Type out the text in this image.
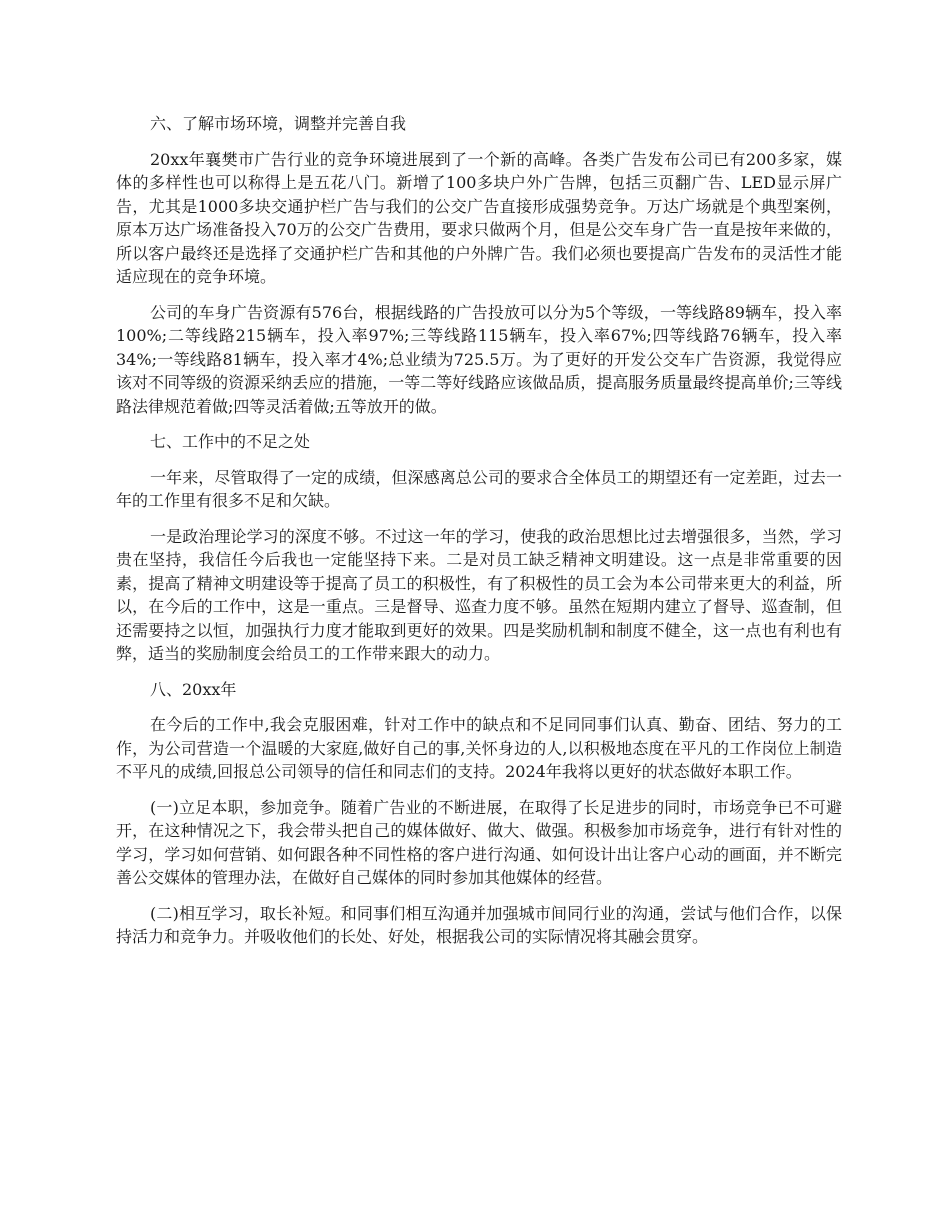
六、了解市场环境，调整并完善自我
20xx年襄樊市广告行业的竞争环境进展到了一个新的高峰。各类广告发布公司已有200多家，媒体的多样性也可以称得上是五花八门。新增了100多块户外广告牌，包括三页翻广告、LED显示屏广告，尤其是1000多块交通护栏广告与我们的公交广告直接形成强势竞争。万达广场就是个典型案例，原本万达广场准备投入70万的公交广告费用，要求只做两个月，但是公交车身广告一直是按年来做的，所以客户最终还是选择了交通护栏广告和其他的户外牌广告。我们必须也要提高广告发布的灵活性才能适应现在的竞争环境。
公司的车身广告资源有576台，根据线路的广告投放可以分为5个等级，一等线路89辆车，投入率100%;二等线路215辆车，投入率97%;三等线路115辆车，投入率67%;四等线路76辆车，投入率34%;一等线路81辆车，投入率才4%;总业绩为725.5万。为了更好的开发公交车广告资源，我觉得应该对不同等级的资源采纳丢应的措施，一等二等好线路应该做品质，提高服务质量最终提高单价;三等线路法律规范着做;四等灵活着做;五等放开的做。
七、工作中的不足之处
一年来，尽管取得了一定的成绩，但深感离总公司的要求合全体员工的期望还有一定差距，过去一年的工作里有很多不足和欠缺。
一是政治理论学习的深度不够。不过这一年的学习，使我的政治思想比过去增强很多，当然，学习贵在坚持，我信任今后我也一定能坚持下来。二是对员工缺乏精神文明建设。这一点是非常重要的因素，提高了精神文明建设等于提高了员工的积极性，有了积极性的员工会为本公司带来更大的利益，所以，在今后的工作中，这是一重点。三是督导、巡查力度不够。虽然在短期内建立了督导、巡查制，但还需要持之以恒，加强执行力度才能取到更好的效果。四是奖励机制和制度不健全，这一点也有利也有弊，适当的奖励制度会给员工的工作带来跟大的动力。
八、20xx年
在今后的工作中,我会克服困难，针对工作中的缺点和不足同同事们认真、勤奋、团结、努力的工作，为公司营造一个温暖的大家庭,做好自己的事,关怀身边的人,以积极地态度在平凡的工作岗位上制造不平凡的成绩,回报总公司领导的信任和同志们的支持。2024年我将以更好的状态做好本职工作。
(一)立足本职，参加竞争。随着广告业的不断进展，在取得了长足进步的同时，市场竞争已不可避开，在这种情况之下，我会带头把自己的媒体做好、做大、做强。积极参加市场竞争，进行有针对性的学习，学习如何营销、如何跟各种不同性格的客户进行沟通、如何设计出让客户心动的画面，并不断完善公交媒体的管理办法，在做好自己媒体的同时参加其他媒体的经营。
(二)相互学习，取长补短。和同事们相互沟通并加强城市间同行业的沟通，尝试与他们合作，以保持活力和竞争力。并吸收他们的长处、好处，根据我公司的实际情况将其融会贯穿。
